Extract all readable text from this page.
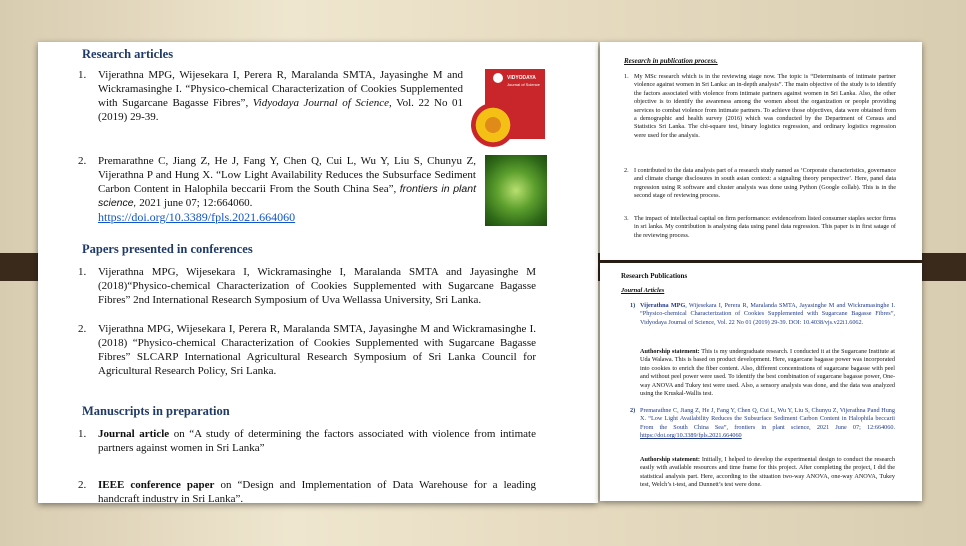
Research articles
1. Vijerathna MPG, Wijesekara I, Perera R, Maralanda SMTA, Jayasinghe M and Wickramasinghe I. “Physico-chemical Characterization of Cookies Supplemented with Sugarcane Bagasse Fibres”, Vidyodaya Journal of Science, Vol. 22 No 01 (2019) 29-39.
VIDYODAYA
Journal of Science
2. Premarathne C, Jiang Z, He J, Fang Y, Chen Q, Cui L, Wu Y, Liu S, Chunyu Z, Vijerathna P and Hung X. “Low Light Availability Reduces the Subsurface Sediment Carbon Content in Halophila beccarii From the South China Sea”, frontiers in plant science, 2021 june 07; 12:664060.
https://doi.org/10.3389/fpls.2021.664060
Papers presented in conferences
1. Vijerathna MPG, Wijesekara I, Wickramasinghe I, Maralanda SMTA and Jayasinghe M (2018)“Physico-chemical Characterization of Cookies Supplemented with Sugarcane Bagasse Fibres” 2nd International Research Symposium of Uva Wellassa University, Sri Lanka.
2. Vijerathna MPG, Wijesekara I, Perera R, Maralanda SMTA, Jayasinghe M and Wickramasinghe I. (2018) “Physico-chemical Characterization of Cookies Supplemented with Sugarcane Bagasse Fibres” SLCARP International Agricultural Research Symposium of Sri Lanka Council for Agricultural Research Policy, Sri Lanka.
Manuscripts in preparation
1. Journal article on “A study of determining the factors associated with violence from intimate partners against women in Sri Lanka”
2. IEEE conference paper on “Design and Implementation of Data Warehouse for a leading handcraft industry in Sri Lanka”.
Research in publication process.
1. My MSc research which is in the reviewing stage now. The topic is “Determinants of intimate partner violence against women in Sri Lanka: an in-depth analysis”. The main objective of the study is to identify the factors associated with violence from intimate partners against women in Sri Lanka. Also, the other objective is to identify the awareness among the women about the organization or people providing services to combat violence from intimate partners. To achieve those objectives, data were obtained from a demographic and health survey (2016) which was conducted by the Department of Census and Statistics Sri Lanka. The chi-square test, binary logistics regression, and ordinary logistics regression were used for the analysis.
2. I contributed to the data analysis part of a research study named as ‘Corporate characteristics, governance and climate change disclosures in south asian context: a signaling theory perspective’. Here, panel data regression using R software and cluster analysis was done using Python (Google collab). This is in the second stage of reviewing process.
3. The impact of intellectual capital on firm performance: evidencefrom listed consumer staples sector firms in sri lanka. My contribution is analysing data using panel data regression. This paper is in first satage of the reviewing process.
Research Publications
Journal Articles
1) Vijerathna MPG, Wijesekara I, Perera R, Maralanda SMTA, Jayasinghe M and Wickramasinghe I. “Physico-chemical Characterization of Cookies Supplemented with Sugarcane Bagasse Fibres”, Vidyodaya Journal of Science, Vol. 22 No 01 (2019) 29-39. DOI: 10.4038/vjs.v22i1.6062.
Authorship statement: This is my undergraduate research. I conducted it at the Sugarcane Institute at Uda Walawa. This is based on product development. Here, sugarcane bagasse power was incorporated into cookies to enrich the fiber content. Also, different concentrations of sugarcane bagasse with peel and without peel power were used. To identify the best combination of sugarcane bagasse power, One-way ANOVA and Tukey test were used. Also, a sensory analysis was done, and the data was analyzed using the Kruskal-Wallis test.
2) Premarathne C, Jiang Z, He J, Fang Y, Chen Q, Cui L, Wu Y, Liu S, Chunyu Z, Vijerathna Pand Hung X. “Low Light Availability Reduces the Subsurface Sediment Carbon Content in Halophila beccarii From the South China Sea”, frontiers in plant science, 2021 June 07; 12:664060. https://doi.org/10.3389/fpls.2021.664060
Authorship statement: Initially, I helped to develop the experimental design to conduct the research easily with available resources and time frame for this project. After completing the project, I did the statistical analysis part. Here, according to the situation two-way ANOVA, one-way ANOVA, Tukey test, Welch’s t-test, and Dunnett’s test were done.
